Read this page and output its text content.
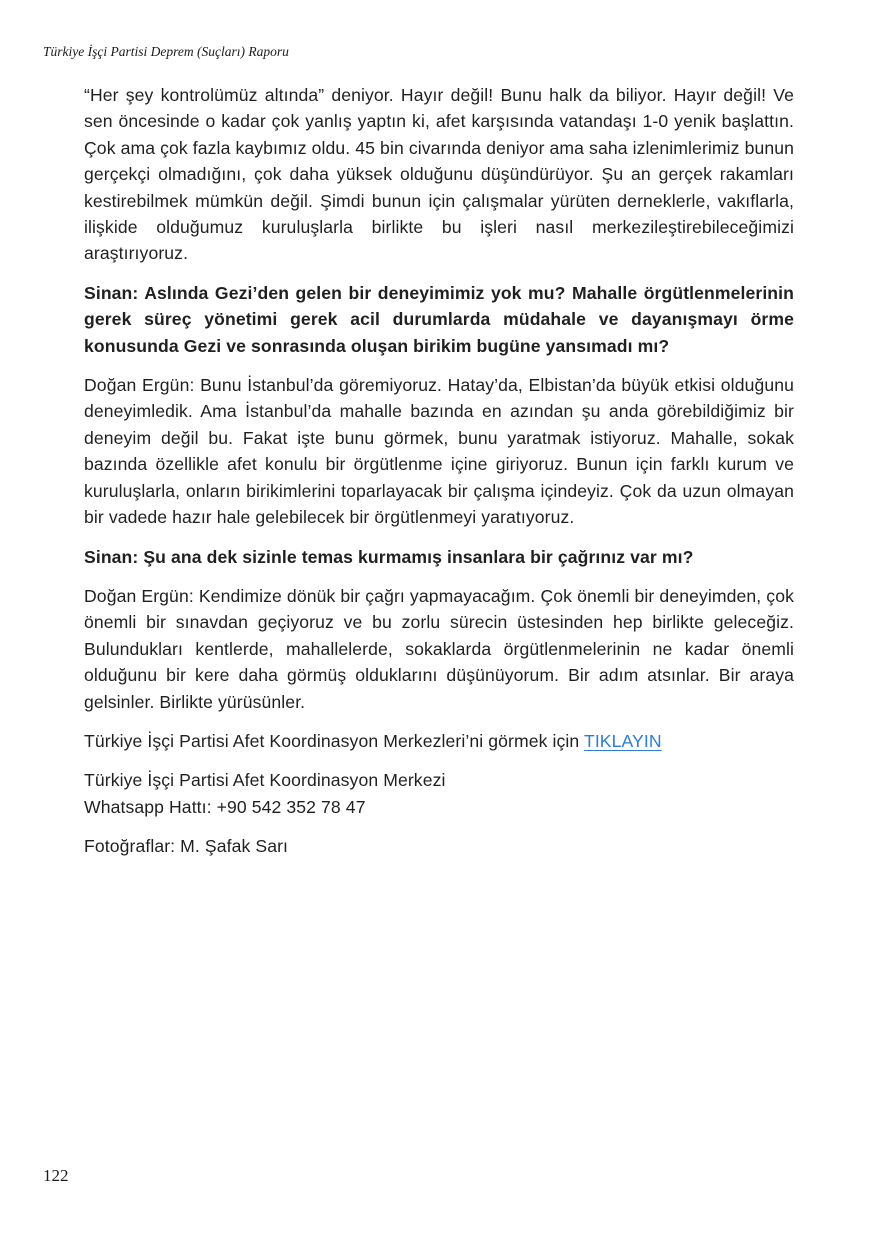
Türkiye İşçi Partisi Deprem (Suçları) Raporu

“Her şey kontrolümüz altında” deniyor. Hayır değil! Bunu halk da biliyor. Hayır değil! Ve sen öncesinde o kadar çok yanlış yaptın ki, afet karşısında vatandaşı 1-0 yenik başlattın. Çok ama çok fazla kaybımız oldu. 45 bin civarında deniyor ama saha izlenimlerimiz bunun gerçekçi olmadığını, çok daha yüksek olduğunu düşündürüyor. Şu an gerçek rakamları kestirebilmek mümkün değil. Şimdi bunun için çalışmalar yürüten derneklerle, vakıflarla, ilişkide olduğumuz kuruluşlarla birlikte bu işleri nasıl merkezileştirebileceğimizi araştırıyoruz.

Sinan: Aslında Gezi’den gelen bir deneyimimiz yok mu? Mahalle örgütlenmelerinin gerek süreç yönetimi gerek acil durumlarda müdahale ve dayanışmayı örme konusunda Gezi ve sonrasında oluşan birikim bugüne yansımadı mı?

Doğan Ergün: Bunu İstanbul’da göremiyoruz. Hatay’da, Elbistan’da büyük etkisi olduğunu deneyimledik. Ama İstanbul’da mahalle bazında en azından şu anda görebildiğimiz bir deneyim değil bu. Fakat işte bunu görmek, bunu yaratmak istiyoruz. Mahalle, sokak bazında özellikle afet konulu bir örgütlenme içine giriyoruz. Bunun için farklı kurum ve kuruluşlarla, onların birikimlerini toparlayacak bir çalışma içindeyiz. Çok da uzun olmayan bir vadede hazır hale gelebilecek bir örgütlenmeyi yaratıyoruz.

Sinan: Şu ana dek sizinle temas kurmamış insanlara bir çağrınız var mı?

Doğan Ergün: Kendimize dönük bir çağrı yapmayacağım. Çok önemli bir deneyimden, çok önemli bir sınavdan geçiyoruz ve bu zorlu sürecin üstesinden hep birlikte geleceğiz. Bulundukları kentlerde, mahallelerde, sokaklarda örgütlenmelerinin ne kadar önemli olduğunu bir kere daha görmüş olduklarını düşünüyorum. Bir adım atsınlar. Bir araya gelsinler. Birlikte yürüsünler.

Türkiye İşçi Partisi Afet Koordinasyon Merkezleri’ni görmek için TIKLAYIN

Türkiye İşçi Partisi Afet Koordinasyon Merkezi
Whatsapp Hattı: +90 542 352 78 47

Fotoğraflar: M. Şafak Sarı

122
